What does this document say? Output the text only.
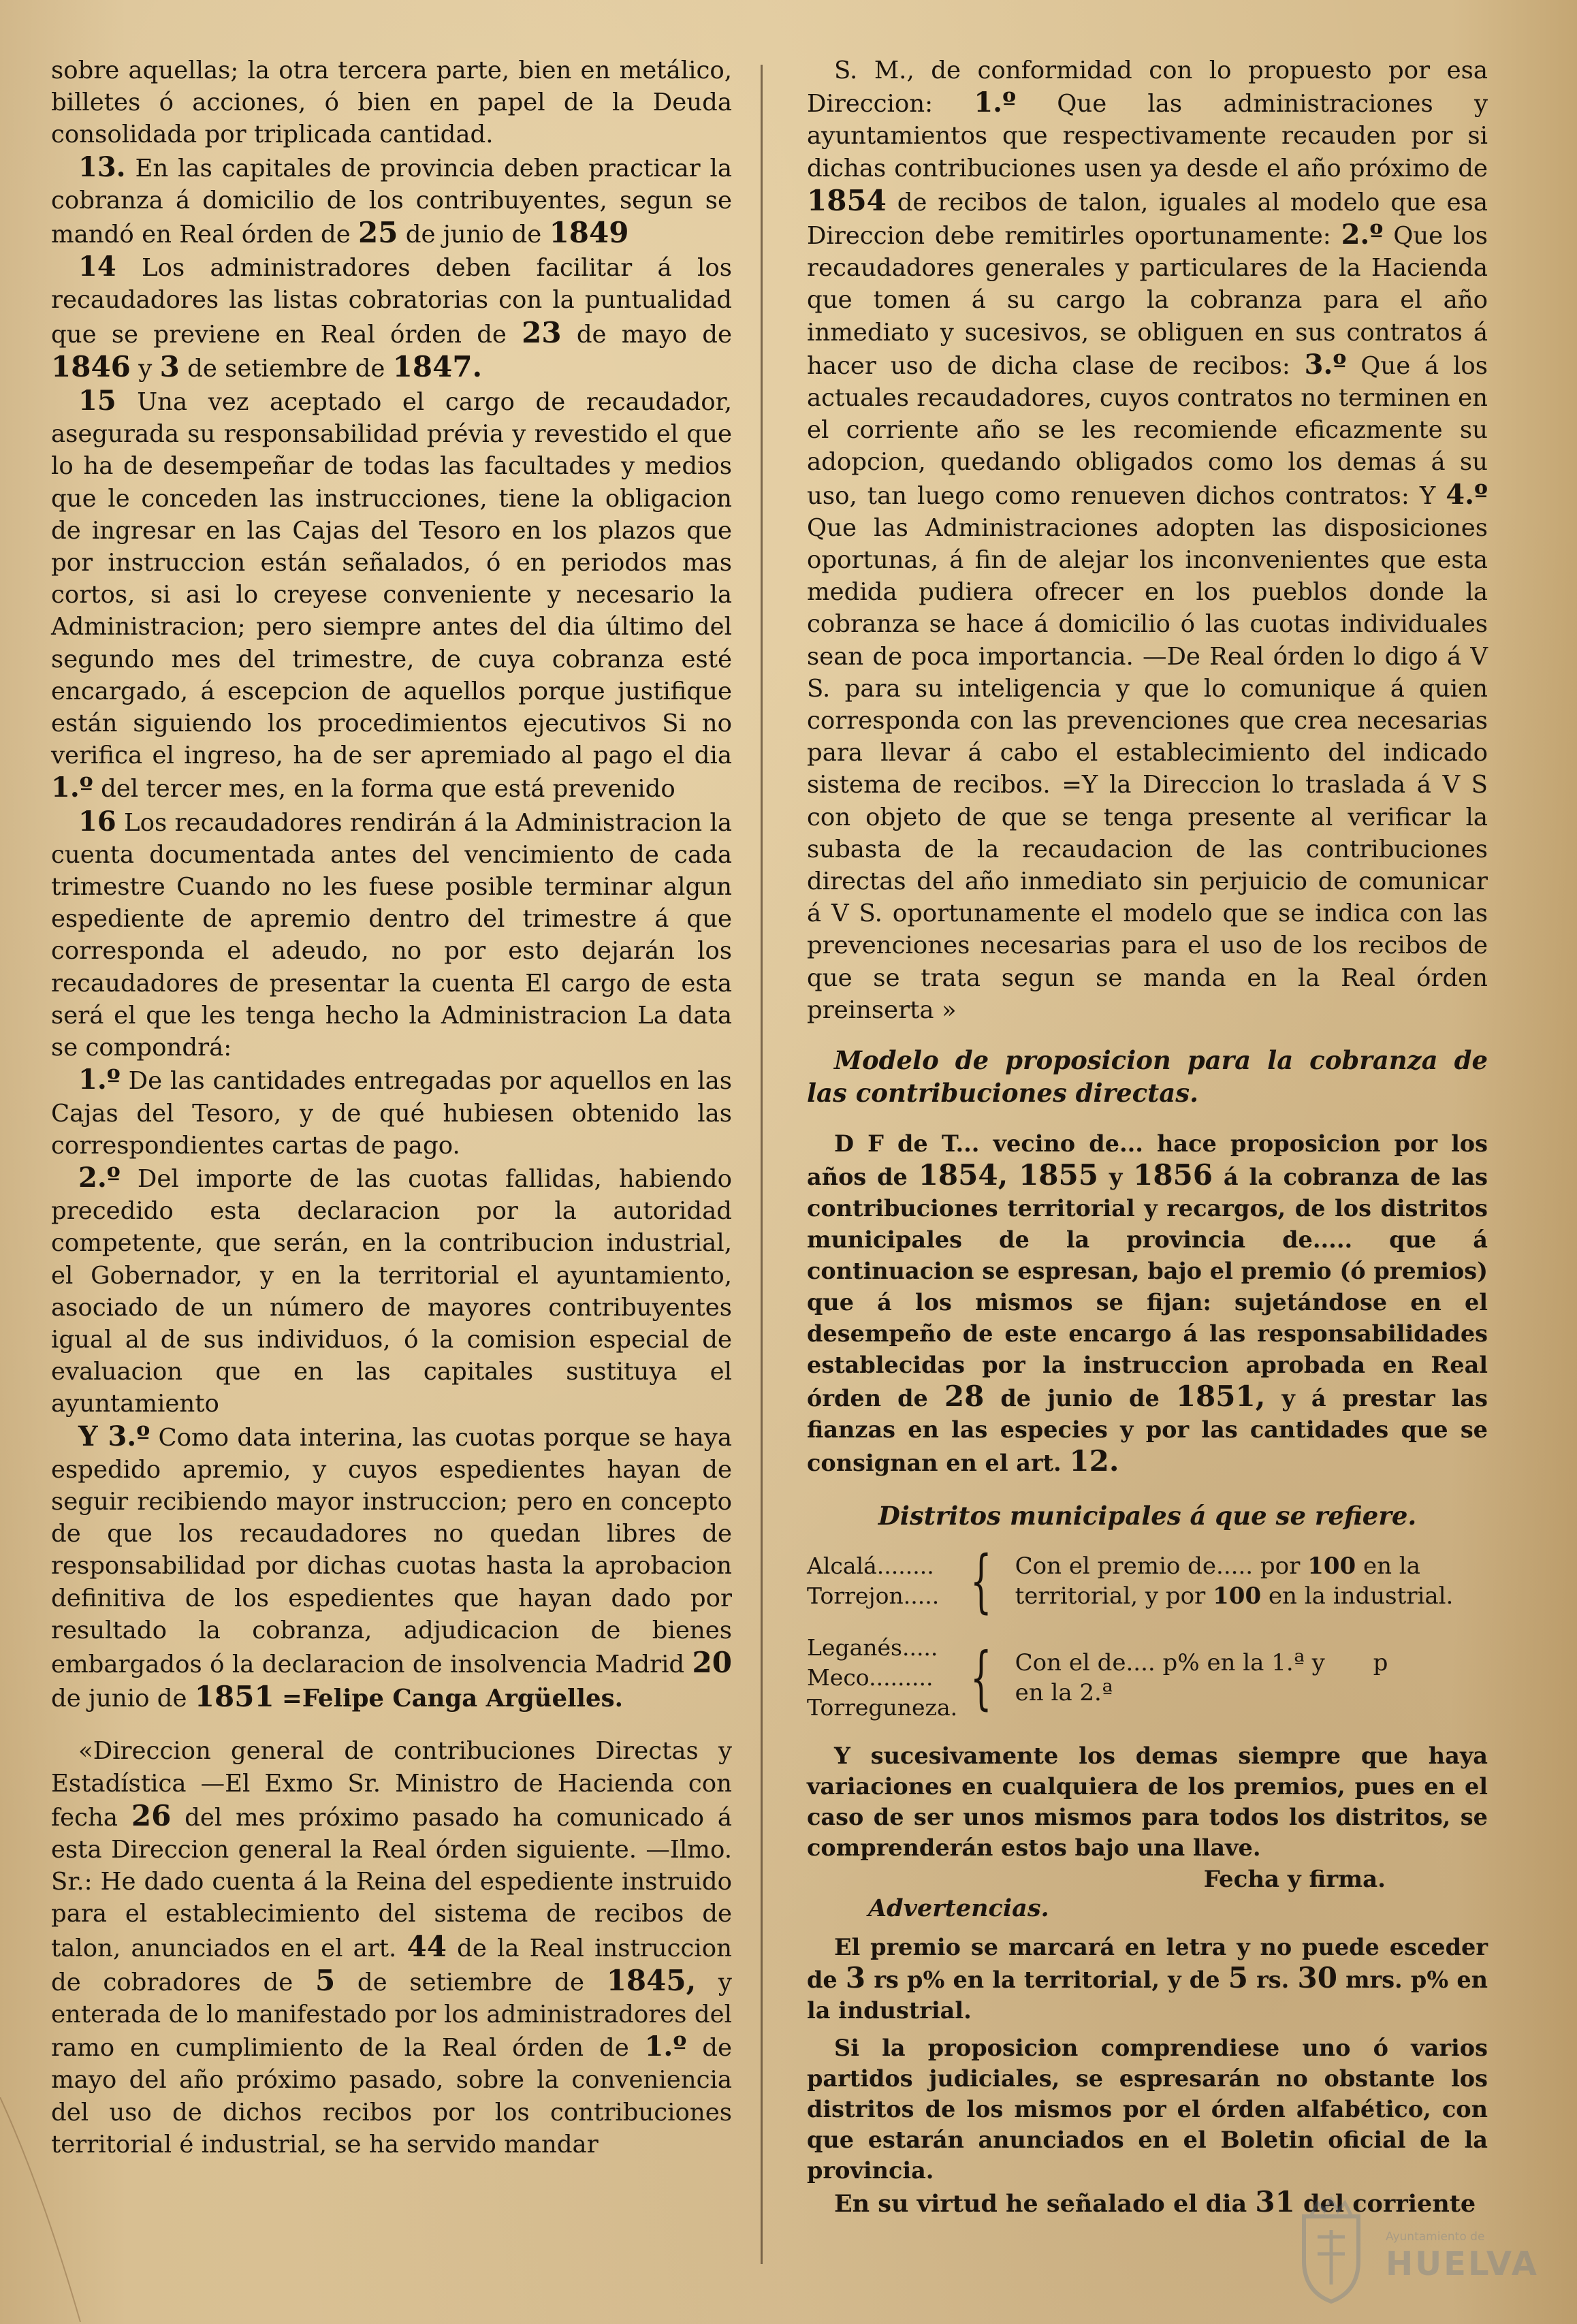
sobre aquellas; la otra tercera parte, bien en metálico, billetes ó acciones, ó bien en papel de la Deuda consolidada por triplicada cantidad.

13. En las capitales de provincia deben practicar la cobranza á domicilio de los contribuyentes, segun se mandó en Real órden de 25 de junio de 1849

14 Los administradores deben facilitar á los recaudadores las listas cobratorias con la puntualidad que se previene en Real órden de 23 de mayo de 1846 y 3 de setiembre de 1847.

15 Una vez aceptado el cargo de recaudador, asegurada su responsabilidad prévia y revestido el que lo ha de desempeñar de todas las facultades y medios que le conceden las instrucciones, tiene la obligacion de ingresar en las Cajas del Tesoro en los plazos que por instruccion están señalados, ó en periodos mas cortos, si asi lo creyese conveniente y necesario la Administracion; pero siempre antes del dia último del segundo mes del trimestre, de cuya cobranza esté encargado, á escepcion de aquellos porque justifique están siguiendo los procedimientos ejecutivos Si no verifica el ingreso, ha de ser apremiado al pago el dia 1.º del tercer mes, en la forma que está prevenido

16 Los recaudadores rendirán á la Administracion la cuenta documentada antes del vencimiento de cada trimestre Cuando no les fuese posible terminar algun espediente de apremio dentro del trimestre á que corresponda el adeudo, no por esto dejarán los recaudadores de presentar la cuenta El cargo de esta será el que les tenga hecho la Administracion La data se compondrá:

1.º De las cantidades entregadas por aquellos en las Cajas del Tesoro, y de qué hubiesen obtenido las correspondientes cartas de pago.

2.º Del importe de las cuotas fallidas, habiendo precedido esta declaracion por la autoridad competente, que serán, en la contribucion industrial, el Gobernador, y en la territorial el ayuntamiento, asociado de un número de mayores contribuyentes igual al de sus individuos, ó la comision especial de evaluacion que en las capitales sustituya el ayuntamiento

Y 3.º Como data interina, las cuotas porque se haya espedido apremio, y cuyos espedientes hayan de seguir recibiendo mayor instruccion; pero en concepto de que los recaudadores no quedan libres de responsabilidad por dichas cuotas hasta la aprobacion definitiva de los espedientes que hayan dado por resultado la cobranza, adjudicacion de bienes embargados ó la declaracion de insolvencia Madrid 20 de junio de 1851 =Felipe Canga Argüelles.

«Direccion general de contribuciones Directas y Estadística —El Exmo Sr. Ministro de Hacienda con fecha 26 del mes próximo pasado ha comunicado á esta Direccion general la Real órden siguiente. —Ilmo. Sr.: He dado cuenta á la Reina del espediente instruido para el establecimiento del sistema de recibos de talon, anunciados en el art. 44 de la Real instruccion de cobradores de 5 de setiembre de 1845, y enterada de lo manifestado por los administradores del ramo en cumplimiento de la Real órden de 1.º de mayo del año próximo pasado, sobre la conveniencia del uso de dichos recibos por los contribuciones territorial é industrial, se ha servido mandar

S. M., de conformidad con lo propuesto por esa Direccion: 1.º Que las administraciones y ayuntamientos que respectivamente recauden por si dichas contribuciones usen ya desde el año próximo de 1854 de recibos de talon, iguales al modelo que esa Direccion debe remitirles oportunamente: 2.º Que los recaudadores generales y particulares de la Hacienda que tomen á su cargo la cobranza para el año inmediato y sucesivos, se obliguen en sus contratos á hacer uso de dicha clase de recibos: 3.º Que á los actuales recaudadores, cuyos contratos no terminen en el corriente año se les recomiende eficazmente su adopcion, quedando obligados como los demas á su uso, tan luego como renueven dichos contratos: Y 4.º Que las Administraciones adopten las disposiciones oportunas, á fin de alejar los inconvenientes que esta medida pudiera ofrecer en los pueblos donde la cobranza se hace á domicilio ó las cuotas individuales sean de poca importancia. —De Real órden lo digo á V S. para su inteligencia y que lo comunique á quien corresponda con las prevenciones que crea necesarias para llevar á cabo el establecimiento del indicado sistema de recibos. =Y la Direccion lo traslada á V S con objeto de que se tenga presente al verificar la subasta de la recaudacion de las contribuciones directas del año inmediato sin perjuicio de comunicar á V S. oportunamente el modelo que se indica con las prevenciones necesarias para el uso de los recibos de que se trata segun se manda en la Real órden preinserta »

Modelo de proposicion para la cobranza de las contribuciones directas.

D F de T... vecino de... hace proposicion por los años de 1854, 1855 y 1856 á la cobranza de las contribuciones territorial y recargos, de los distritos municipales de la provincia de..... que á continuacion se espresan, bajo el premio (ó premios) que á los mismos se fijan: sujetándose en el desempeño de este encargo á las responsabilidades establecidas por la instruccion aprobada en Real órden de 28 de junio de 1851, y á prestar las fianzas en las especies y por las cantidades que se consignan en el art. 12.

Distritos municipales á que se refiere.
Alcalá........
Torrejon..... { Con el premio de..... por 100 en la territorial, y por 100 en la industrial.
Leganés.....
Meco.........
Torreguneza. { Con el de.... p% en la 1.ª y p
en la 2.ª

Y sucesivamente los demas siempre que haya variaciones en cualquiera de los premios, pues en el caso de ser unos mismos para todos los distritos, se comprenderán estos bajo una llave.

Fecha y firma.
Advertencias.

El premio se marcará en letra y no puede esceder de 3 rs p% en la territorial, y de 5 rs. 30 mrs. p% en la industrial.

Si la proposicion comprendiese uno ó varios partidos judiciales, se espresarán no obstante los distritos de los mismos por el órden alfabético, con que estarán anunciados en el Boletin oficial de la provincia.

En su virtud he señalado el dia 31 del corriente

Ayuntamiento de
HUELVA
